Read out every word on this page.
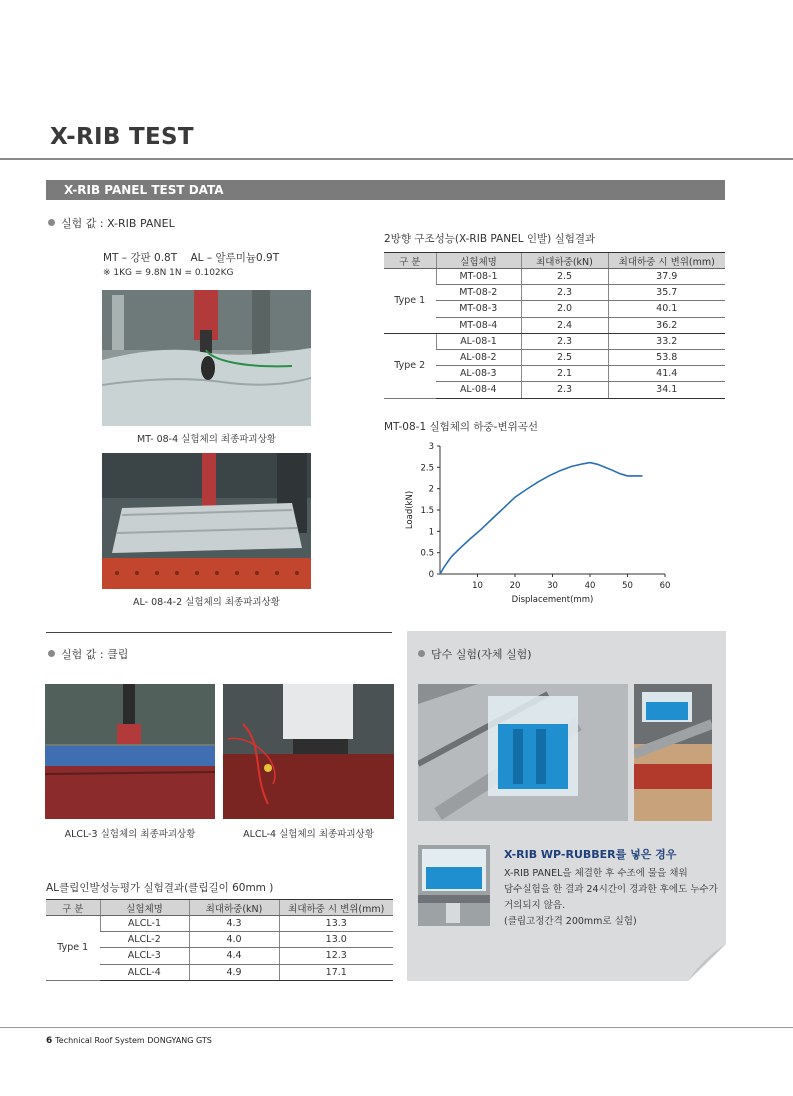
X-RIB TEST
X-RIB PANEL TEST DATA
실험 값 : X-RIB PANEL
MT – 강판 0.8T    AL – 알루미늄0.9T
※ 1KG = 9.8N 1N = 0.102KG
MT- 08-4 실험체의 최종파괴상황
AL- 08-4-2 실험체의 최종파괴상황
2방향 구조성능(X-RIB PANEL 인발) 실험결과
구 분	실험체명	최대하중(kN)	최대하중 시 변위(mm)
Type 1	MT-08-1	2.5	37.9
	MT-08-2	2.3	35.7
	MT-08-3	2.0	40.1
	MT-08-4	2.4	36.2
Type 2	AL-08-1	2.3	33.2
	AL-08-2	2.5	53.8
	AL-08-3	2.1	41.4
	AL-08-4	2.3	34.1
MT-08-1 실험체의 하중-변위곡선
0
0.5
1
1.5
2
2.5
3
10	20	30	40	50	60
Displacement(mm)
Load(kN)
실험 값 : 클립
ALCL-3 실험체의 최종파괴상황	ALCL-4 실험체의 최종파괴상황
AL클립인발성능평가 실험결과(클립길이 60mm )
구 분	실험체명	최대하중(kN)	최대하중 시 변위(mm)
Type 1	ALCL-1	4.3	13.3
	ALCL-2	4.0	13.0
	ALCL-3	4.4	12.3
	ALCL-4	4.9	17.1
담수 실험(자체 실험)
X-RIB WP-RUBBER를 넣은 경우
X-RIB PANEL을 체결한 후 수조에 물을 채워
담수실험을 한 결과 24시간이 경과한 후에도 누수가
거의되지 않음.
(클립고정간격 200mm로 실험)
6 Technical Roof System DONGYANG GTS
